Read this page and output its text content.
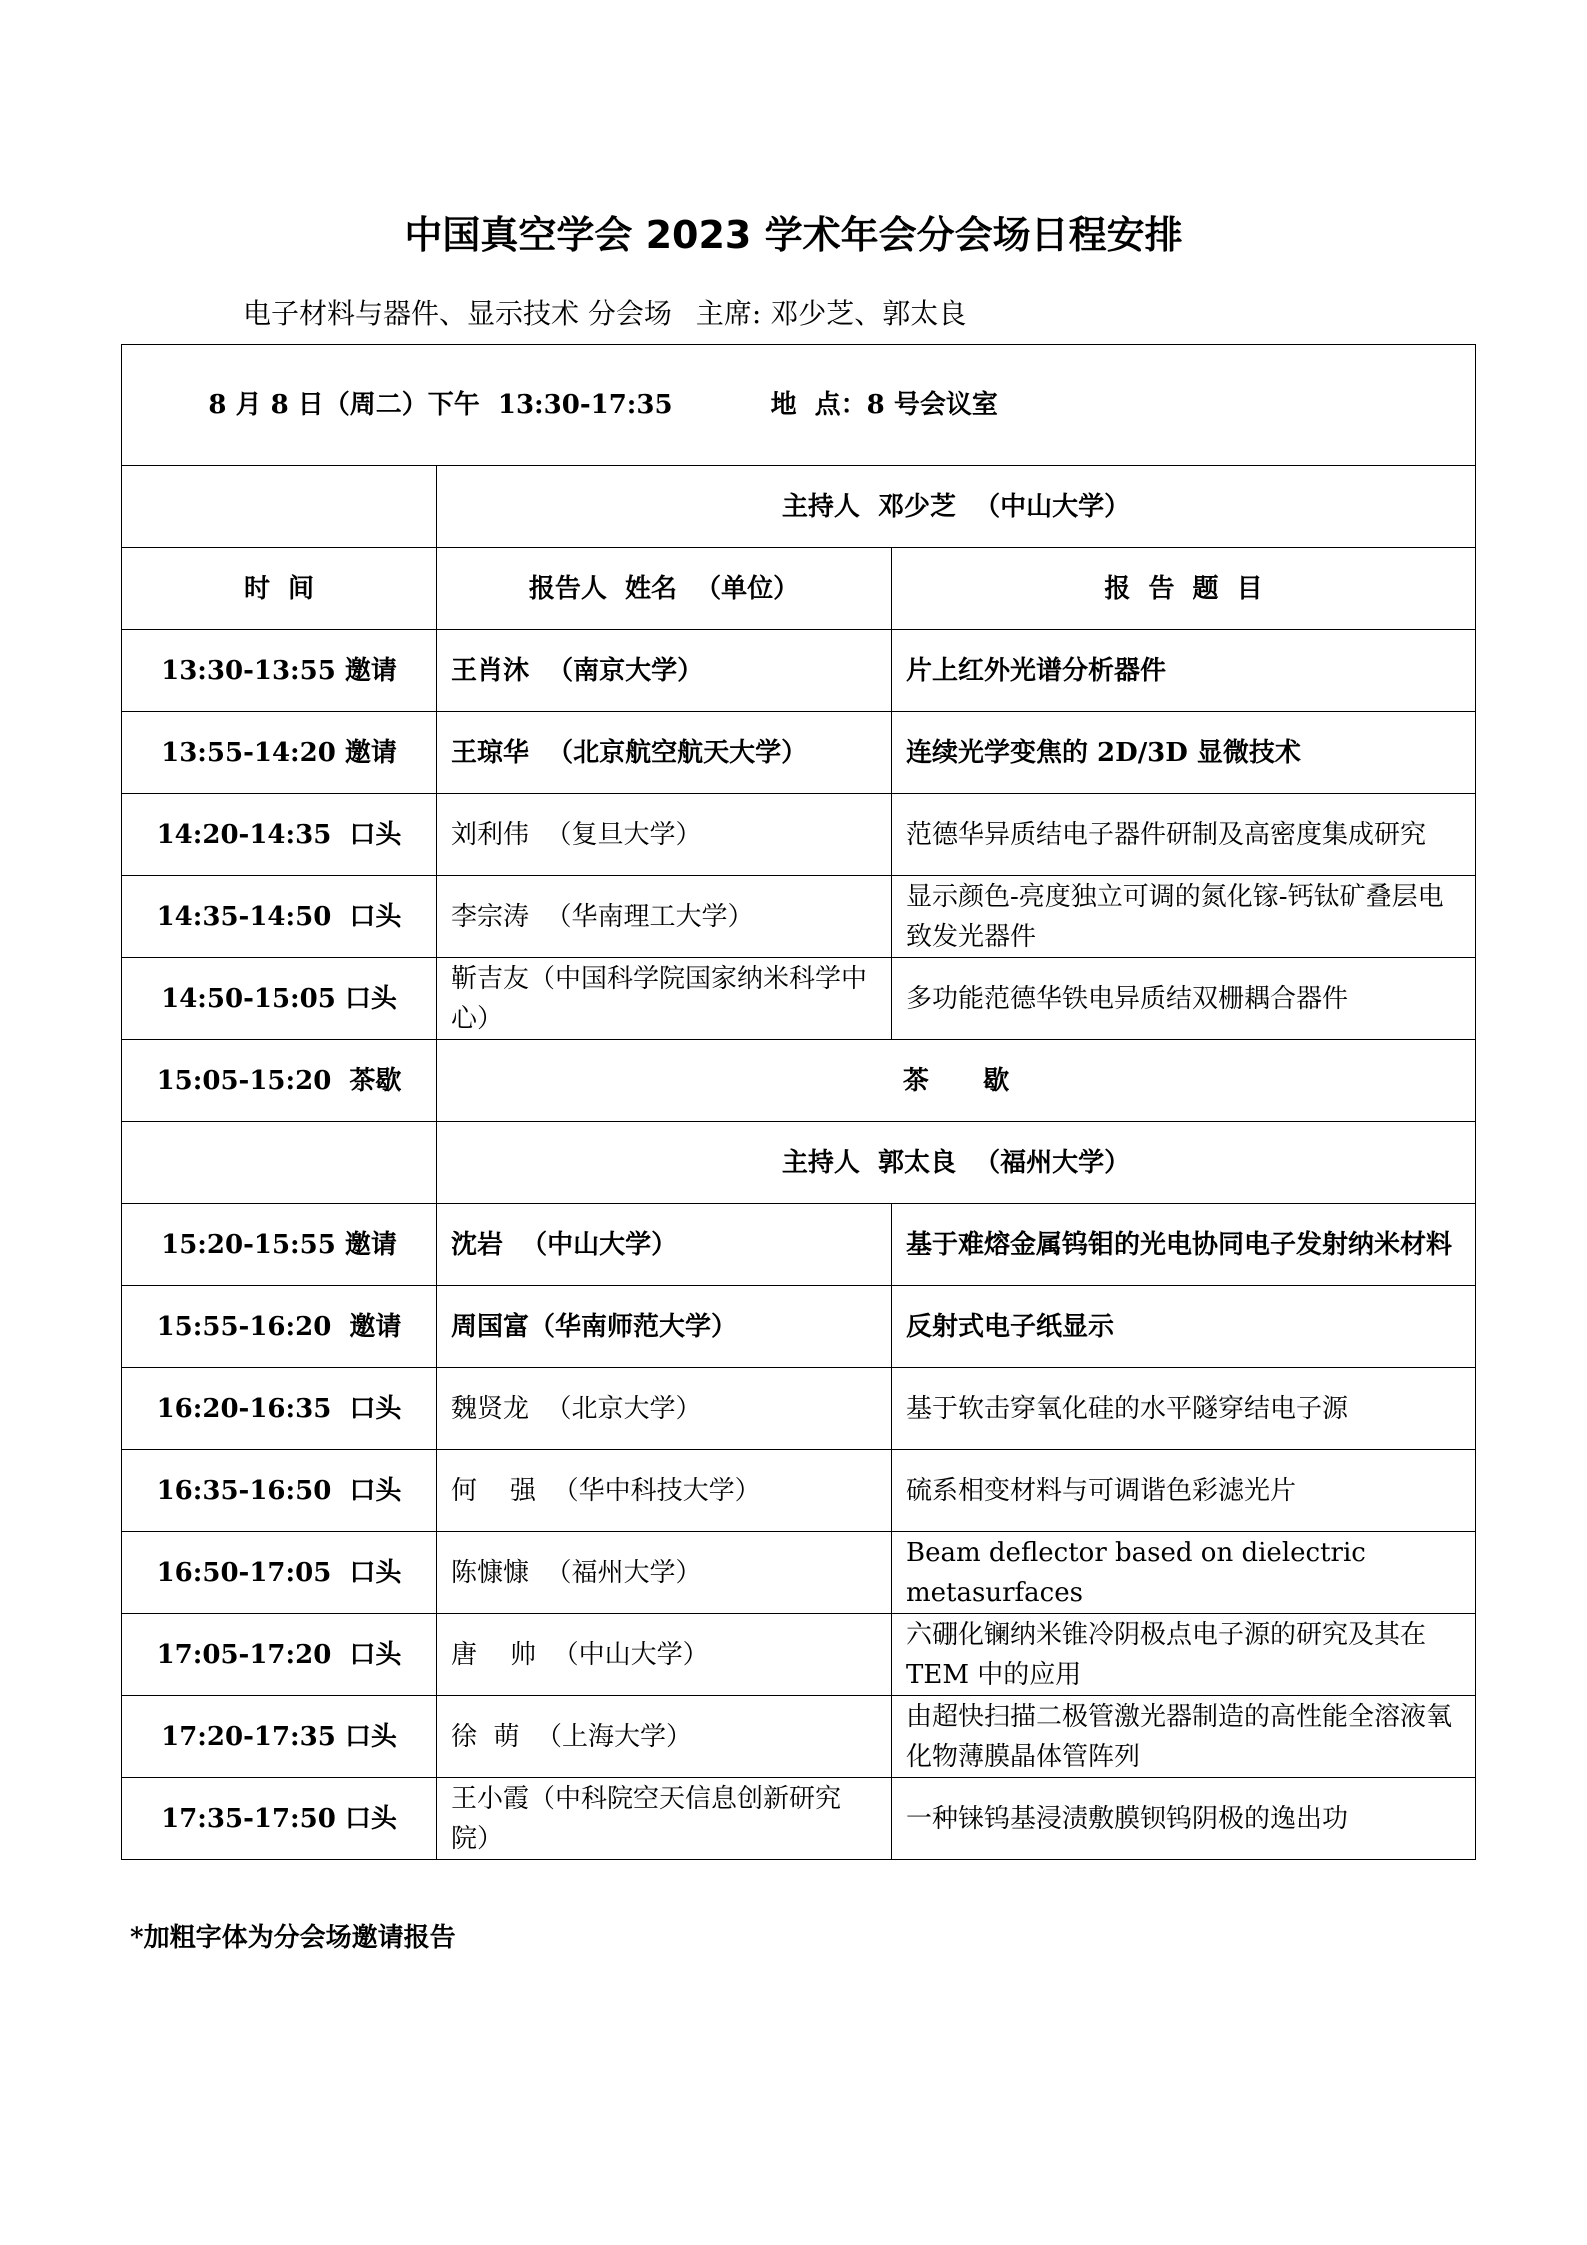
中国真空学会 2023 学术年会分会场日程安排
电子材料与器件、显示技术 分会场 主席: 邓少芝、郭太良

8 月 8 日（周二）下午  13:30-17:35 地  点：8 号会议室		

	主持人  邓少芝  （中山大学）	
时  间	报告人  姓名  （单位）	报  告  题  目
13:30-13:55 邀请	王肖沐  （南京大学）	片上红外光谱分析器件
13:55-14:20 邀请	王琼华  （北京航空航天大学）	连续光学变焦的 2D/3D 显微技术
14:20-14:35  口头	刘利伟  （复旦大学）	范德华异质结电子器件研制及高密度集成研究
14:35-14:50  口头	李宗涛  （华南理工大学）	显示颜色-亮度独立可调的氮化镓-钙钛矿叠层电致发光器件
14:50-15:05 口头	靳吉友（中国科学院国家纳米科学中心）	多功能范德华铁电异质结双栅耦合器件
15:05-15:20  茶歇	茶      歇	
	主持人  郭太良  （福州大学）	
15:20-15:55 邀请	沈岩  （中山大学）	基于难熔金属钨钼的光电协同电子发射纳米材料
15:55-16:20  邀请	周国富（华南师范大学）	反射式电子纸显示
16:20-16:35  口头	魏贤龙  （北京大学）	基于软击穿氧化硅的水平隧穿结电子源
16:35-16:50  口头	何    强  （华中科技大学）	硫系相变材料与可调谐色彩滤光片
16:50-17:05  口头	陈慷慷  （福州大学）	Beam deflector based on dielectric metasurfaces
17:05-17:20  口头	唐    帅  （中山大学）	六硼化镧纳米锥冷阴极点电子源的研究及其在 TEM 中的应用
17:20-17:35 口头	徐  萌  （上海大学）	由超快扫描二极管激光器制造的高性能全溶液氧化物薄膜晶体管阵列
17:35-17:50 口头	王小霞（中科院空天信息创新研究院）	一种铼钨基浸渍敷膜钡钨阴极的逸出功
*加粗字体为分会场邀请报告
